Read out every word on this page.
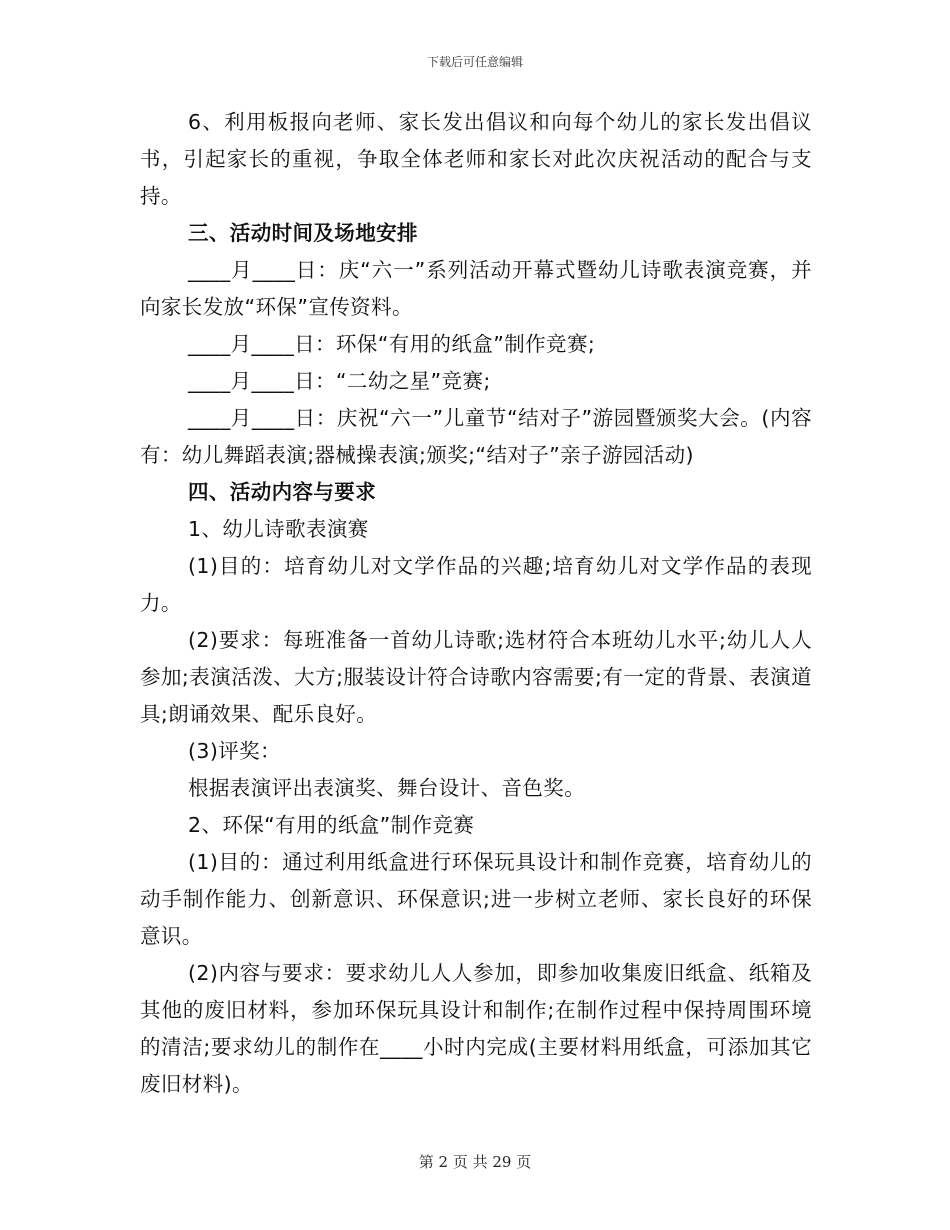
下载后可任意编辑

6、利用板报向老师、家长发出倡议和向每个幼儿的家长发出倡议书，引起家长的重视，争取全体老师和家长对此次庆祝活动的配合与支持。

三、活动时间及场地安排

____月____日：庆“六一”系列活动开幕式暨幼儿诗歌表演竞赛，并向家长发放“环保”宣传资料。

____月____日：环保“有用的纸盒”制作竞赛;

____月____日：“二幼之星”竞赛;

____月____日：庆祝“六一”儿童节“结对子”游园暨颁奖大会。(内容有：幼儿舞蹈表演;器械操表演;颁奖;“结对子”亲子游园活动)

四、活动内容与要求

1、幼儿诗歌表演赛

(1)目的：培育幼儿对文学作品的兴趣;培育幼儿对文学作品的表现力。

(2)要求：每班准备一首幼儿诗歌;选材符合本班幼儿水平;幼儿人人参加;表演活泼、大方;服装设计符合诗歌内容需要;有一定的背景、表演道具;朗诵效果、配乐良好。

(3)评奖：

根据表演评出表演奖、舞台设计、音色奖。

2、环保“有用的纸盒”制作竞赛

(1)目的：通过利用纸盒进行环保玩具设计和制作竞赛，培育幼儿的动手制作能力、创新意识、环保意识;进一步树立老师、家长良好的环保意识。

(2)内容与要求：要求幼儿人人参加，即参加收集废旧纸盒、纸箱及其他的废旧材料，参加环保玩具设计和制作;在制作过程中保持周围环境的清洁;要求幼儿的制作在____小时内完成(主要材料用纸盒，可添加其它废旧材料)。

第 2 页 共 29 页
